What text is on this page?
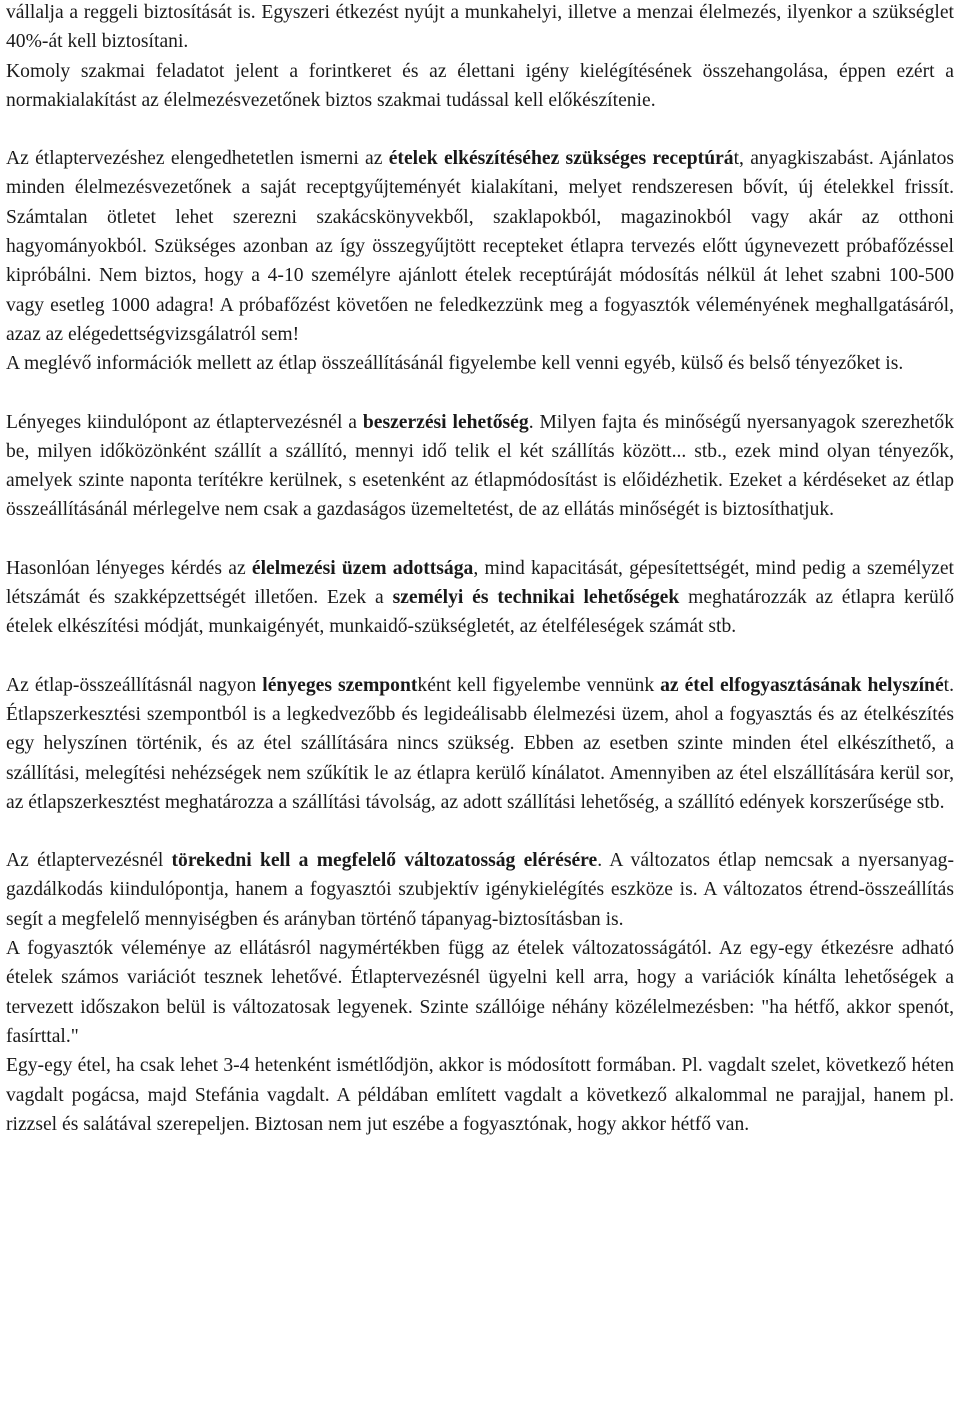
vállalja a reggeli biztosítását is. Egyszeri étkezést nyújt a munkahelyi, illetve a menzai élelmezés, ilyenkor a szükséglet 40%-át kell biztosítani.

Komoly szakmai feladatot jelent a forintkeret és az élettani igény kielégítésének összehangolása, éppen ezért a normakialakítást az élelmezésvezetőnek biztos szakmai tudással kell előkészítenie.

Az étlaptervezéshez elengedhetetlen ismerni az ételek elkészítéséhez szükséges receptúrát, anyagkiszabást. Ajánlatos minden élelmezésvezetőnek a saját receptgyűjteményét kialakítani, melyet rendszeresen bővít, új ételekkel frissít. Számtalan ötletet lehet szerezni szakácskönyvekből, szaklapokból, magazinokból vagy akár az otthoni hagyományokból. Szükséges azonban az így összegyűjtött recepteket étlapra tervezés előtt úgynevezett próbafőzéssel kipróbálni. Nem biztos, hogy a 4-10 személyre ajánlott ételek receptúráját módosítás nélkül át lehet szabni 100-500 vagy esetleg 1000 adagra! A próbafőzést követően ne feledkezzünk meg a fogyasztók véleményének meghallgatásáról, azaz az elégedettségvizsgálatról sem!

A meglévő információk mellett az étlap összeállításánál figyelembe kell venni egyéb, külső és belső tényezőket is.

Lényeges kiindulópont az étlaptervezésnél a beszerzési lehetőség. Milyen fajta és minőségű nyersanyagok szerezhetők be, milyen időközönként szállít a szállító, mennyi idő telik el két szállítás között... stb., ezek mind olyan tényezők, amelyek szinte naponta terítékre kerülnek, s esetenként az étlapmódosítást is előidézhetik. Ezeket a kérdéseket az étlap összeállításánál mérlegelve nem csak a gazdaságos üzemeltetést, de az ellátás minőségét is biztosíthatjuk.

Hasonlóan lényeges kérdés az élelmezési üzem adottsága, mind kapacitását, gépesítettségét, mind pedig a személyzet létszámát és szakképzettségét illetően. Ezek a személyi és technikai lehetőségek meghatározzák az étlapra kerülő ételek elkészítési módját, munkaigényét, munkaidő-szükségletét, az ételféleségek számát stb.

Az étlap-összeállításnál nagyon lényeges szempontként kell figyelembe vennünk az étel elfogyasztásának helyszínét. Étlapszerkesztési szempontból is a legkedvezőbb és legideálisabb élelmezési üzem, ahol a fogyasztás és az ételkészítés egy helyszínen történik, és az étel szállítására nincs szükség. Ebben az esetben szinte minden étel elkészíthető, a szállítási, melegítési nehézségek nem szűkítik le az étlapra kerülő kínálatot. Amennyiben az étel elszállítására kerül sor, az étlapszerkesztést meghatározza a szállítási távolság, az adott szállítási lehetőség, a szállító edények korszerűsége stb.

Az étlaptervezésnél törekedni kell a megfelelő változatosság elérésére. A változatos étlap nemcsak a nyersanyag-gazdálkodás kiindulópontja, hanem a fogyasztói szubjektív igénykielégítés eszköze is. A változatos étrend-összeállítás segít a megfelelő mennyiségben és arányban történő tápanyag-biztosításban is.

A fogyasztók véleménye az ellátásról nagymértékben függ az ételek változatosságától. Az egy-egy étkezésre adható ételek számos variációt tesznek lehetővé. Étlaptervezésnél ügyelni kell arra, hogy a variációk kínálta lehetőségek a tervezett időszakon belül is változatosak legyenek. Szinte szállóige néhány közélelmezésben: "ha hétfő, akkor spenót, fasírttal."

Egy-egy étel, ha csak lehet 3-4 hetenként ismétlődjön, akkor is módosított formában. Pl. vagdalt szelet, következő héten vagdalt pogácsa, majd Stefánia vagdalt. A példában említett vagdalt a következő alkalommal ne parajjal, hanem pl. rizzsel és salátával szerepeljen. Biztosan nem jut eszébe a fogyasztónak, hogy akkor hétfő van.
